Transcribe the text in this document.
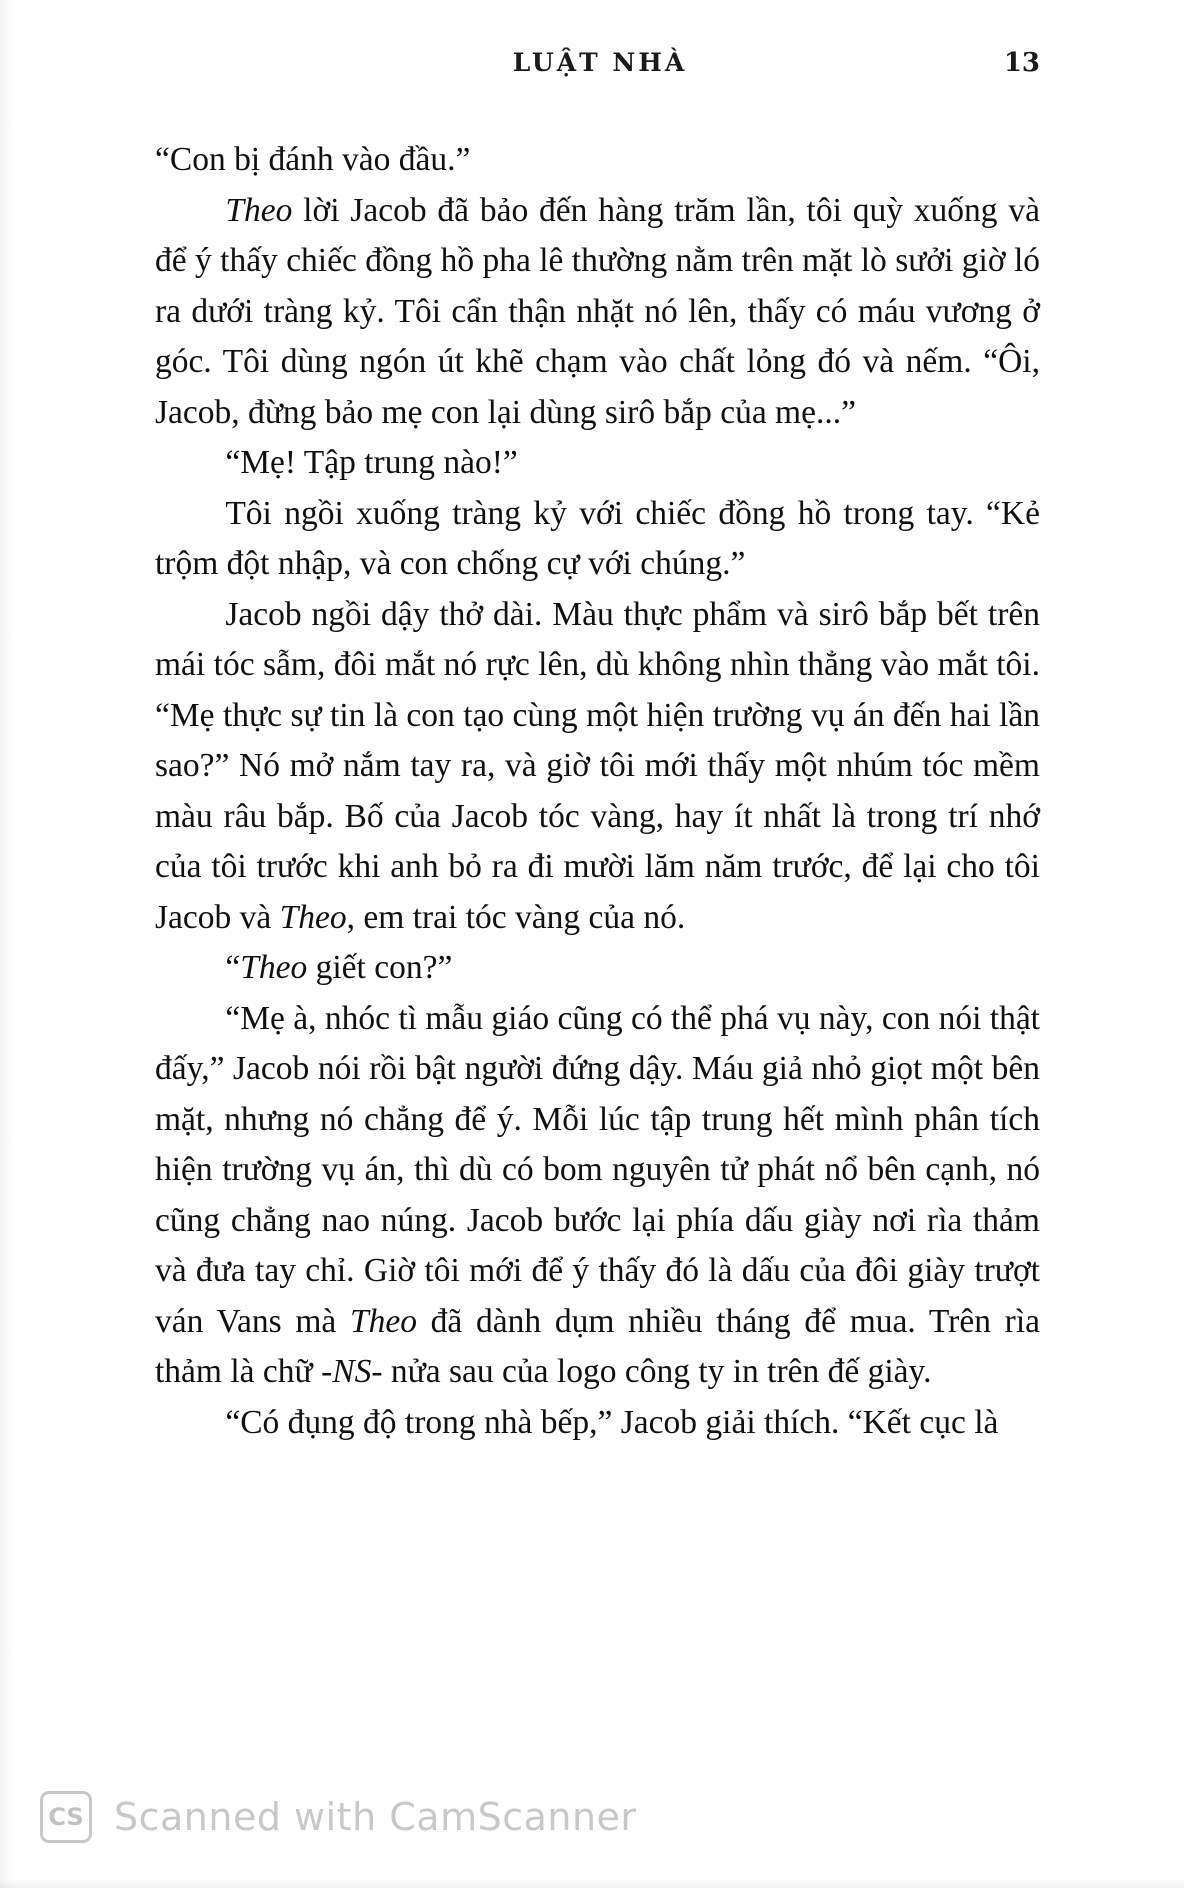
LUẬT NHÀ	13

“Con bị đánh vào đầu.”

Theo lời Jacob đã bảo đến hàng trăm lần, tôi quỳ xuống và để ý thấy chiếc đồng hồ pha lê thường nằm trên mặt lò sưởi giờ ló ra dưới tràng kỷ. Tôi cẩn thận nhặt nó lên, thấy có máu vương ở góc. Tôi dùng ngón út khẽ chạm vào chất lỏng đó và nếm. “Ôi, Jacob, đừng bảo mẹ con lại dùng sirô bắp của mẹ...”

“Mẹ! Tập trung nào!”

Tôi ngồi xuống tràng kỷ với chiếc đồng hồ trong tay. “Kẻ trộm đột nhập, và con chống cự với chúng.”

Jacob ngồi dậy thở dài. Màu thực phẩm và sirô bắp bết trên mái tóc sẫm, đôi mắt nó rực lên, dù không nhìn thẳng vào mắt tôi. “Mẹ thực sự tin là con tạo cùng một hiện trường vụ án đến hai lần sao?” Nó mở nắm tay ra, và giờ tôi mới thấy một nhúm tóc mềm màu râu bắp. Bố của Jacob tóc vàng, hay ít nhất là trong trí nhớ của tôi trước khi anh bỏ ra đi mười lăm năm trước, để lại cho tôi Jacob và Theo, em trai tóc vàng của nó.

“Theo giết con?”

“Mẹ à, nhóc tì mẫu giáo cũng có thể phá vụ này, con nói thật đấy,” Jacob nói rồi bật người đứng dậy. Máu giả nhỏ giọt một bên mặt, nhưng nó chẳng để ý. Mỗi lúc tập trung hết mình phân tích hiện trường vụ án, thì dù có bom nguyên tử phát nổ bên cạnh, nó cũng chẳng nao núng. Jacob bước lại phía dấu giày nơi rìa thảm và đưa tay chỉ. Giờ tôi mới để ý thấy đó là dấu của đôi giày trượt ván Vans mà Theo đã dành dụm nhiều tháng để mua. Trên rìa thảm là chữ -NS- nửa sau của logo công ty in trên đế giày.

“Có đụng độ trong nhà bếp,” Jacob giải thích. “Kết cục là

CS Scanned with CamScanner
